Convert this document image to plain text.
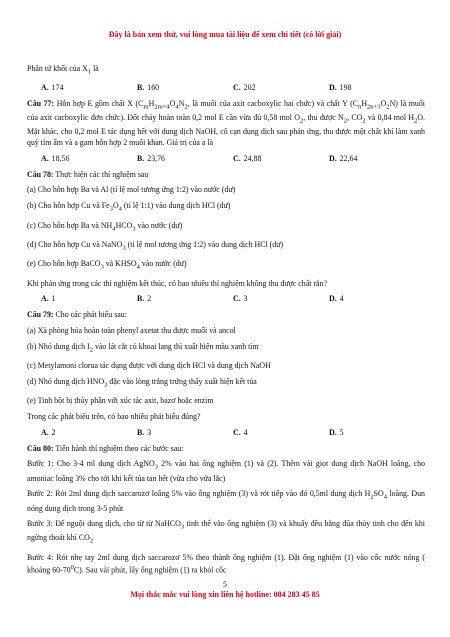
Đây là bản xem thử, vui lòng mua tài liệu để xem chi tiết (có lời giải)
Phân tử khối của $X_1$ là
A. 174	B. 160	C. 202	D. 198
Câu 77: Hỗn hợp E gồm chất X ($C_mH_{2m+4}O_4N_2$, là muối của axit cacboxylic hai chức) và chất Y $(C_nH_{2n+3}O_2N)$ là muối của axit cacboxylic đơn chức). Đốt cháy hoàn toàn 0,2 mol E cần vừa đủ 0,58 mol $O_2$, thu được $N_2$, $CO_2$ và 0,84 mol $H_2O$. Mặt khác, cho 0,2 mol E tác dụng hết với dung dịch NaOH, cô cạn dung dịch sau phản ứng, thu được một chất khí làm xanh quỳ tím ẩm và a gam hỗn hợp 2 muối khan. Giá trị của a là
A. 18,56	B. 23,76	C. 24,88	D. 22,64
Câu 78: Thực hiện các thí nghiệm sau
(a) Cho hỗn hợp Ba và Al (tỉ lệ mol tương ứng 1:2) vào nước (dư)
(b) Cho hỗn hợp Cu và $Fe_3O_4$ (tỉ lệ 1:1) vào dung dịch HCl (dư)
(c) Cho hỗn hợp Ba và $NH_4HCO_3$ vào nước (dư)
(d) Cho hỗn hợp Cu và NaNO$_3$ (tỉ lệ mol tương ứng 1:2) vào dung dịch HCl (dư)
(e) Cho hỗn hợp BaCO$_3$ và $KHSO_4$ vào nước (dư)
Khi phản ứng trong các thí nghiệm kết thúc, có bao nhiêu thí nghiệm không thu được chất rắn?
A. 1	B. 2	C. 3	D. 4
Câu 79: Cho các phát biểu sau:
(a) Xà phòng hóa hoàn toàn phenyl axetat thu được muối và ancol
(b) Nhỏ dung dịch $I_2$ vào lát cắt củ khoai lang thì xuất hiện màu xanh tím
(c) Metylamoni clorua tác dụng được với dung dịch HCl và dung dịch NaOH
(d) Nhỏ dung dịch $HNO_3$ đặc vào lòng trắng trứng thấy xuất hiện kết tủa
(e) Tinh bột bị thủy phân với xúc tác axit, bazơ hoặc enzim
Trong các phát biểu trên, có bao nhiêu phát biểu đúng?
A. 2	B. 3	C. 4	D. 5
Câu 80: Tiến hành thí nghiệm theo các bước sau:
Bước 1: Cho 3-4 ml dung dịch AgNO$_3$ 2% vào hai ống nghiệm (1) và (2). Thêm vài giọt dung dịch NaOH loãng, cho amoniac loãng 3% cho tới khi kết tủa tan hết (vừa cho vừa lắc)
Bước 2: Rót 2ml dung dịch saccarozơ loãng 5% vào ống nghiệm (3) và rót tiếp vào đó 0,5ml dung dịch $H_2SO_4$ loãng. Đun nóng dung dịch trong 3-5 phút
Bước 3: Để nguội dung dịch, cho từ từ NaHCO$_3$ tinh thể vào ống nghiệm (3) và khuấy đều bằng đũa thủy tinh cho đến khi ngừng thoát khí $CO_2$
Bước 4: Rót nhẹ tay 2ml dung dịch saccarozơ 5% theo thành ống nghiệm (1). Đặt ống nghiệm (1) vào cốc nước nóng ( khoảng $60-70^0C$). Sau vài phút, lấy ống nghiệm (1) ra khỏi cốc
5
Mọi thắc mắc vui lòng xin liên hệ hotline: 084 283 45 85
